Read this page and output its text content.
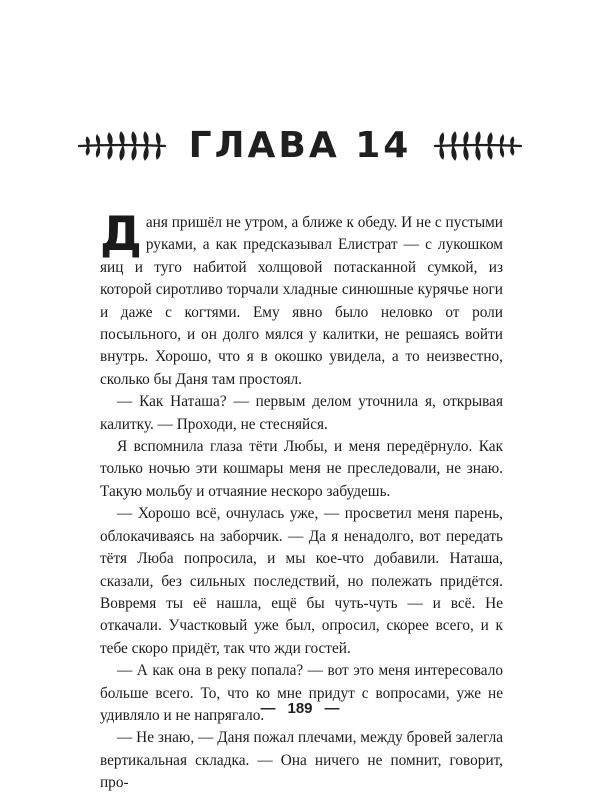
ГЛАВА 14

Даня пришёл не утром, а ближе к обеду. И не с пустыми руками, а как предсказывал Елистрат — с лукошком яиц и туго набитой холщовой потасканной сумкой, из которой сиротливо торчали хладные синюшные курячье ноги и даже с когтями. Ему явно было неловко от роли посыльного, и он долго мялся у калитки, не решаясь войти внутрь. Хорошо, что я в окошко увидела, а то неизвестно, сколько бы Даня там простоял.

— Как Наташа? — первым делом уточнила я, открывая калитку. — Проходи, не стесняйся.

Я вспомнила глаза тёти Любы, и меня передёрнуло. Как только ночью эти кошмары меня не преследовали, не знаю. Такую мольбу и отчаяние нескоро забудешь.

— Хорошо всё, очнулась уже, — просветил меня парень, облокачиваясь на заборчик. — Да я ненадолго, вот передать тётя Люба попросила, и мы кое-что добавили. Наташа, сказали, без сильных последствий, но полежать придётся. Вовремя ты её нашла, ещё бы чуть-чуть — и всё. Не откачали. Участковый уже был, опросил, скорее всего, и к тебе скоро придёт, так что жди гостей.

— А как она в реку попала? — вот это меня интересовало больше всего. То, что ко мне придут с вопросами, уже не удивляло и не напрягало.

— Не знаю, — Даня пожал плечами, между бровей залегла вертикальная складка. — Она ничего не помнит, говорит, про-

— 189 —
